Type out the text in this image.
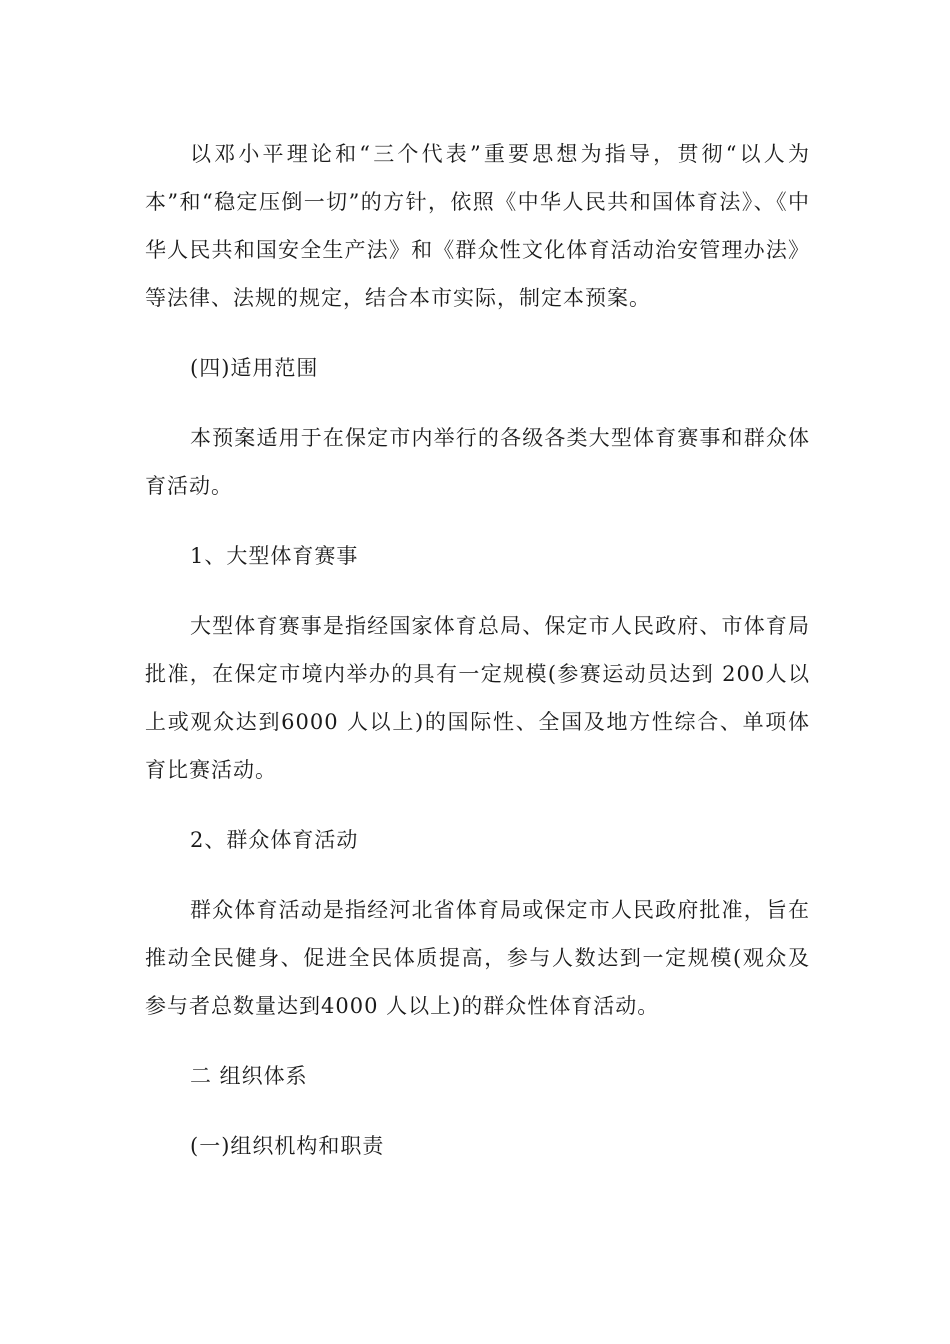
以邓小平理论和“三个代表”重要思想为指导，贯彻“以人为本”和“稳定压倒一切”的方针，依照《中华人民共和国体育法》、《中华人民共和国安全生产法》和《群众性文化体育活动治安管理办法》等法律、法规的规定，结合本市实际，制定本预案。

(四)适用范围

本预案适用于在保定市内举行的各级各类大型体育赛事和群众体育活动。

1、大型体育赛事

大型体育赛事是指经国家体育总局、保定市人民政府、市体育局批准，在保定市境内举办的具有一定规模(参赛运动员达到 200人以上或观众达到6000 人以上)的国际性、全国及地方性综合、单项体育比赛活动。

2、群众体育活动

群众体育活动是指经河北省体育局或保定市人民政府批准，旨在推动全民健身、促进全民体质提高，参与人数达到一定规模(观众及参与者总数量达到4000 人以上)的群众性体育活动。

二 组织体系

(一)组织机构和职责
